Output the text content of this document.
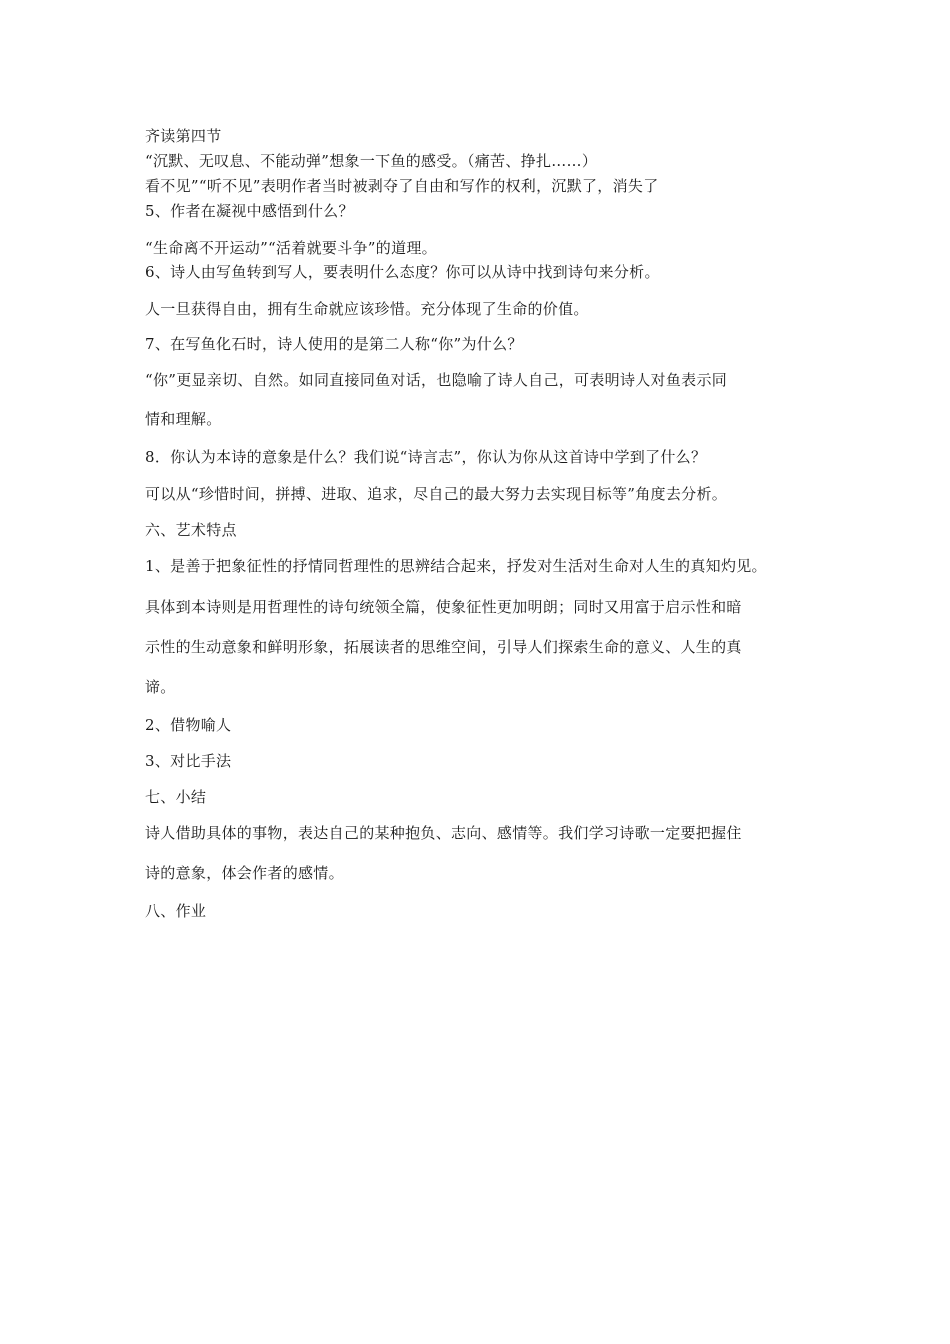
齐读第四节
“沉默、无叹息、不能动弹”想象一下鱼的感受。（痛苦、挣扎……）
看不见”“听不见”表明作者当时被剥夺了自由和写作的权利，沉默了，消失了
5、作者在凝视中感悟到什么？
“生命离不开运动”“活着就要斗争”的道理。
6、诗人由写鱼转到写人，要表明什么态度？你可以从诗中找到诗句来分析。
人一旦获得自由，拥有生命就应该珍惜。充分体现了生命的价值。
7、在写鱼化石时，诗人使用的是第二人称“你”为什么？
“你”更显亲切、自然。如同直接同鱼对话，也隐喻了诗人自己，可表明诗人对鱼表示同
情和理解。
8．你认为本诗的意象是什么？我们说“诗言志”，你认为你从这首诗中学到了什么？
可以从“珍惜时间，拼搏、进取、追求，尽自己的最大努力去实现目标等”角度去分析。
六、艺术特点
1、是善于把象征性的抒情同哲理性的思辨结合起来，抒发对生活对生命对人生的真知灼见。
具体到本诗则是用哲理性的诗句统领全篇，使象征性更加明朗；同时又用富于启示性和暗
示性的生动意象和鲜明形象，拓展读者的思维空间，引导人们探索生命的意义、人生的真
谛。
2、借物喻人
3、对比手法
七、小结
诗人借助具体的事物，表达自己的某种抱负、志向、感情等。我们学习诗歌一定要把握住
诗的意象，体会作者的感情。
八、作业
